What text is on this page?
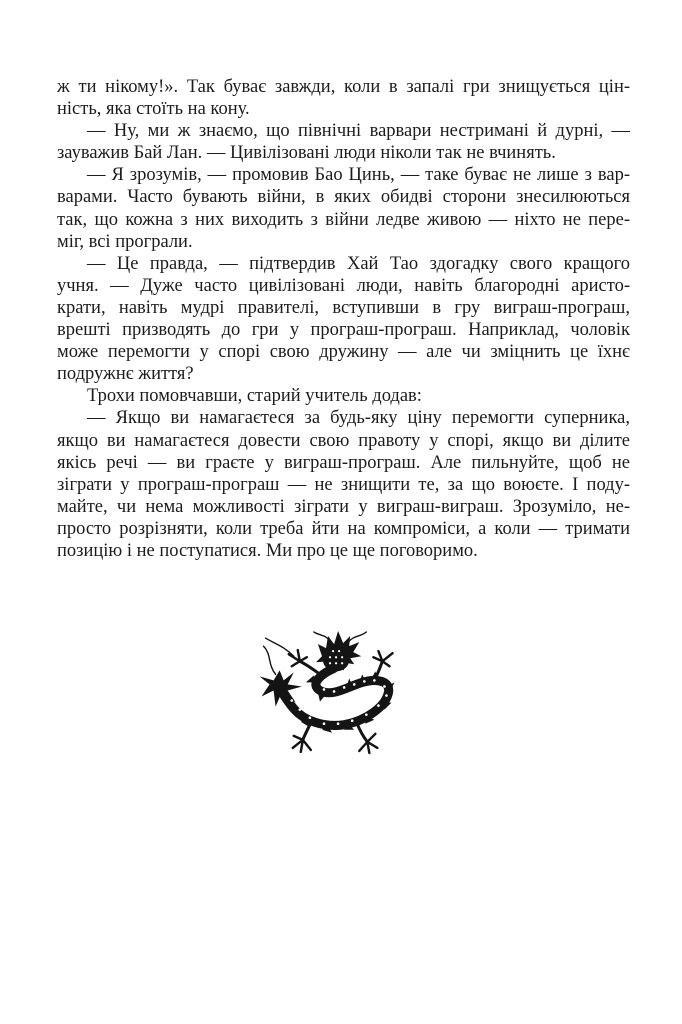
ж ти нікому!». Так буває завжди, коли в запалі гри знищується цін-
ність, яка стоїть на кону.
— Ну, ми ж знаємо, що північні варвари нестримані й дурні, —
зауважив Бай Лан. — Цивілізовані люди ніколи так не вчинять.
— Я зрозумів, — промовив Бао Цинь, — таке буває не лише з вар-
варами. Часто бувають війни, в яких обидві сторони знесилюються
так, що кожна з них виходить з війни ледве живою — ніхто не пере-
міг, всі програли.
— Це правда, — підтвердив Хай Тао здогадку свого кращого
учня. — Дуже часто цивілізовані люди, навіть благородні аристо-
крати, навіть мудрі правителі, вступивши в гру виграш-програш,
врешті призводять до гри у програш-програш. Наприклад, чоловік
може перемогти у спорі свою дружину — але чи зміцнить це їхнє
подружнє життя?
Трохи помовчавши, старий учитель додав:
— Якщо ви намагаєтеся за будь-яку ціну перемогти суперника,
якщо ви намагаєтеся довести свою правоту у спорі, якщо ви ділите
якісь речі — ви граєте у виграш-програш. Але пильнуйте, щоб не
зіграти у програш-програш — не знищити те, за що воюєте. І поду-
майте, чи нема можливості зіграти у виграш-виграш. Зрозуміло, не-
просто розрізняти, коли треба йти на компроміси, а коли — тримати
позицію і не поступатися. Ми про це ще поговоримо.
